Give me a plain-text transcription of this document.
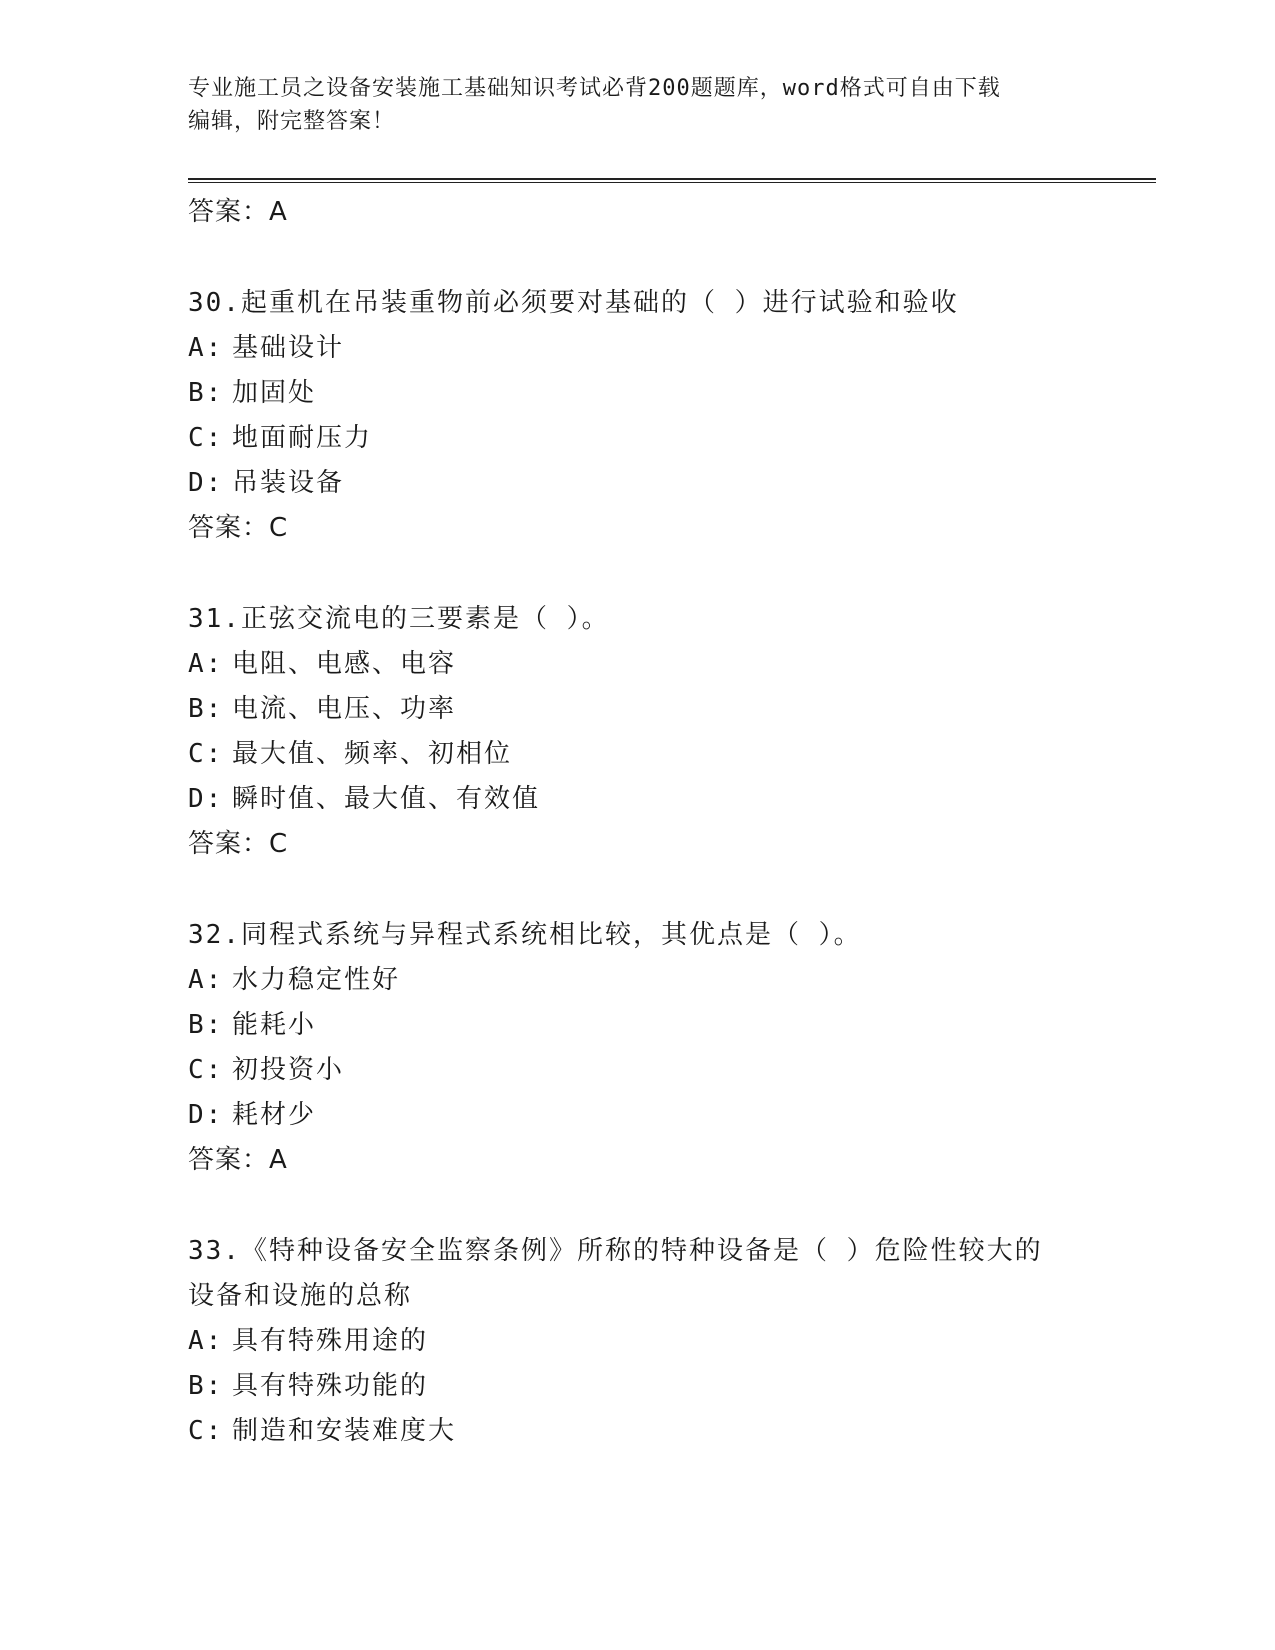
专业施工员之设备安装施工基础知识考试必背200题题库，word格式可自由下载
编辑，附完整答案！
答案：A
30.起重机在吊装重物前必须要对基础的（ ）进行试验和验收
A: 基础设计
B: 加固处
C: 地面耐压力
D: 吊装设备
答案：C
31.正弦交流电的三要素是（ ）。
A: 电阻、电感、电容
B: 电流、电压、功率
C: 最大值、频率、初相位
D: 瞬时值、最大值、有效值
答案：C
32.同程式系统与异程式系统相比较，其优点是（ ）。
A: 水力稳定性好
B: 能耗小
C: 初投资小
D: 耗材少
答案：A
33.《特种设备安全监察条例》所称的特种设备是（ ）危险性较大的
设备和设施的总称
A: 具有特殊用途的
B: 具有特殊功能的
C: 制造和安装难度大
